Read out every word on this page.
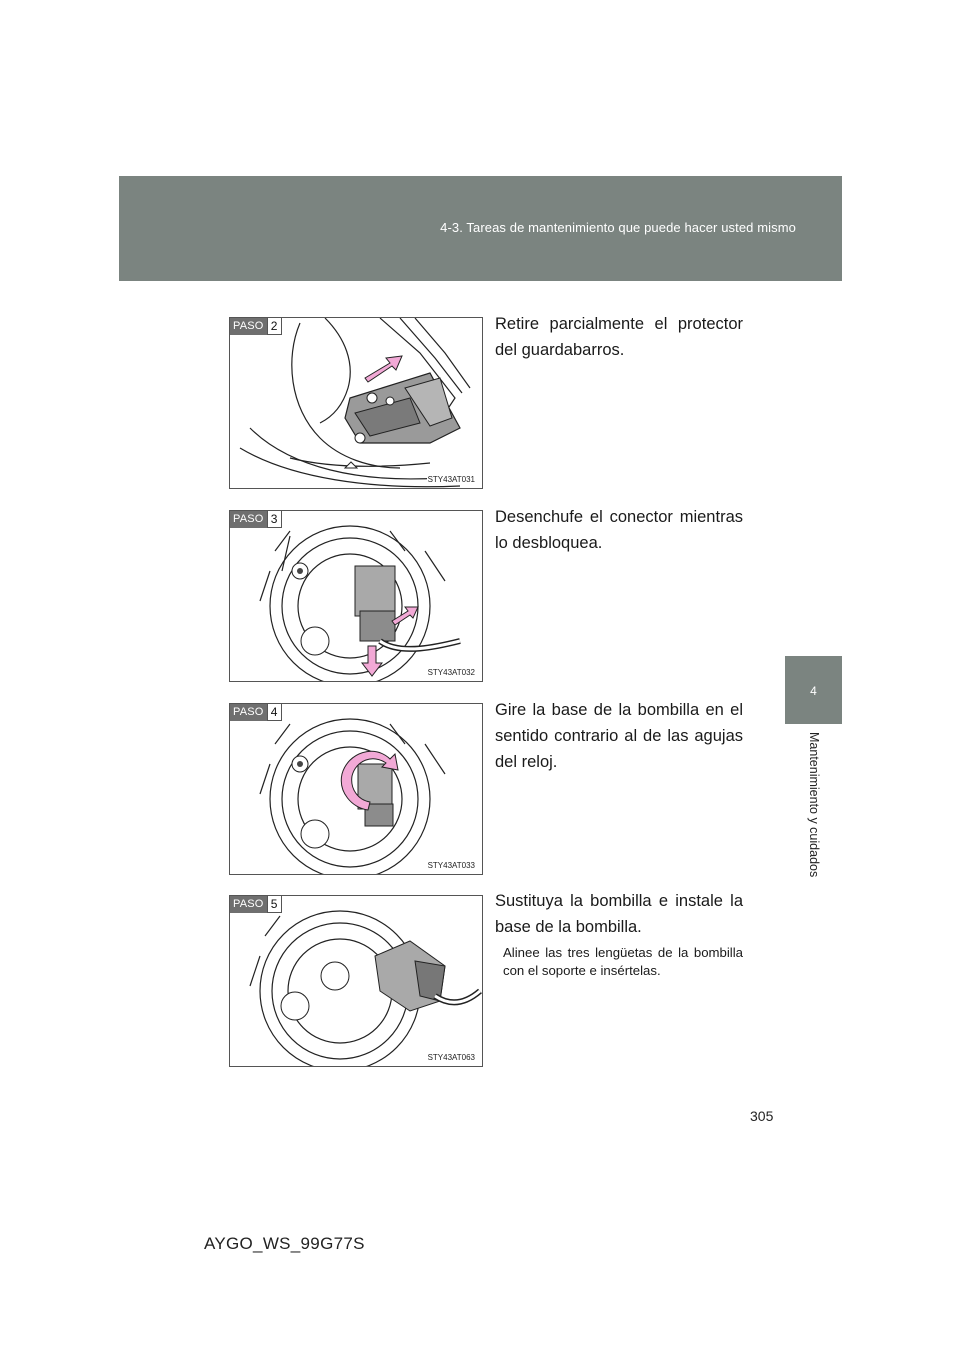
4-3. Tareas de mantenimiento que puede hacer usted mismo
4
Mantenimiento y cuidados
PASO 2
STY43AT031
Retire parcialmente el protector del guardabarros.
PASO 3
STY43AT032
Desenchufe el conector mientras lo desbloquea.
PASO 4
STY43AT033
Gire la base de la bombilla en el sentido contrario al de las agujas del reloj.
PASO 5
STY43AT063
Sustituya la bombilla e instale la base de la bombilla.
Alinee las tres lengüetas de la bombilla con el soporte e insértelas.
305
AYGO_WS_99G77S
